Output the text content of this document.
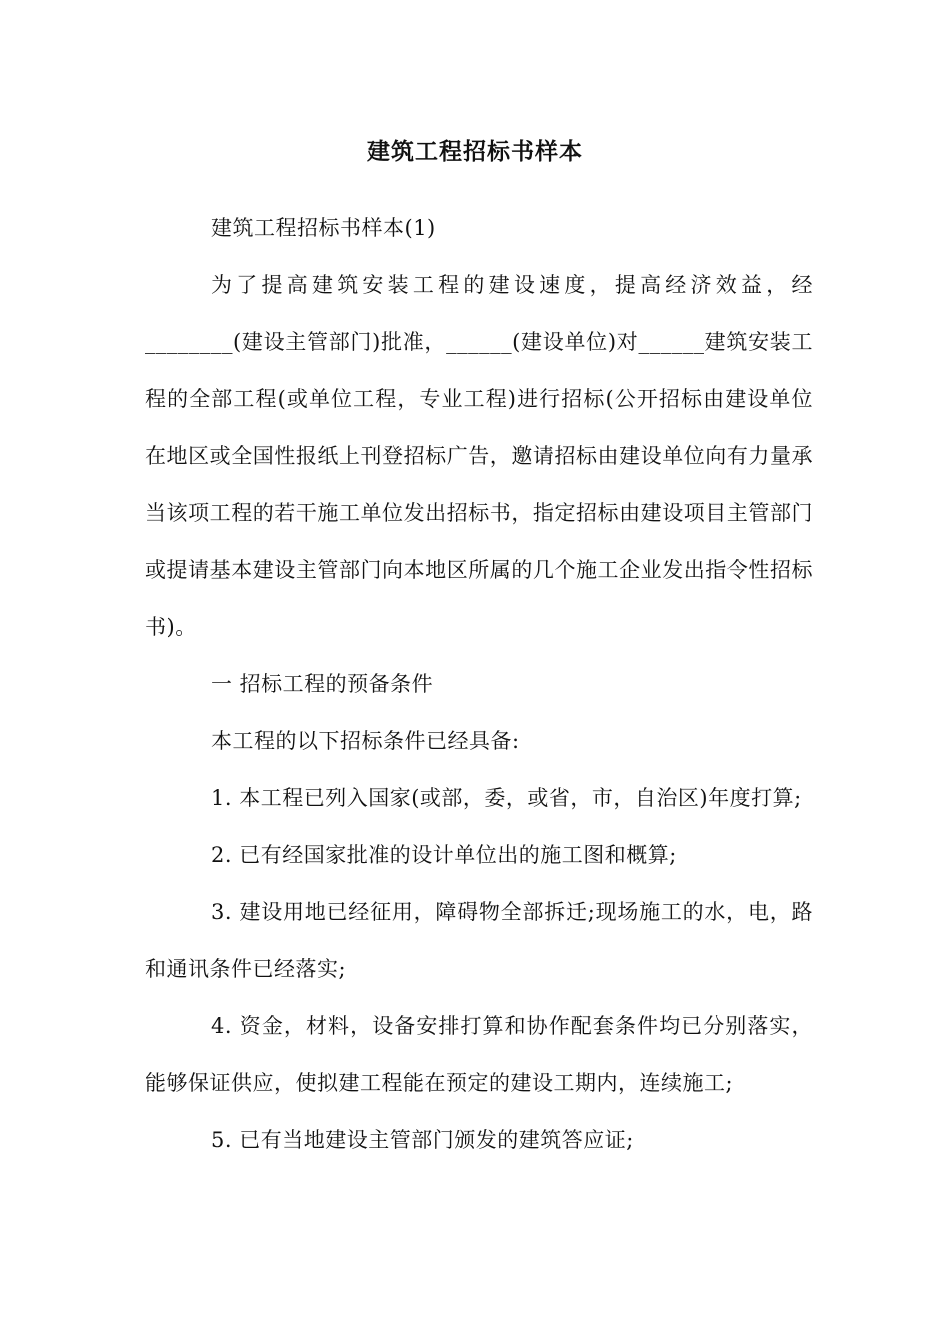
建筑工程招标书样本

建筑工程招标书样本(1)

为了提高建筑安装工程的建设速度，提高经济效益，经________(建设主管部门)批准，______(建设单位)对______建筑安装工程的全部工程(或单位工程，专业工程)进行招标(公开招标由建设单位在地区或全国性报纸上刊登招标广告，邀请招标由建设单位向有力量承当该项工程的若干施工单位发出招标书，指定招标由建设项目主管部门或提请基本建设主管部门向本地区所属的几个施工企业发出指令性招标书)。

一 招标工程的预备条件

本工程的以下招标条件已经具备:

1. 本工程已列入国家(或部，委，或省，市，自治区)年度打算;

2. 已有经国家批准的设计单位出的施工图和概算;

3. 建设用地已经征用，障碍物全部拆迁;现场施工的水，电，路和通讯条件已经落实;

4. 资金，材料，设备安排打算和协作配套条件均已分别落实，能够保证供应，使拟建工程能在预定的建设工期内，连续施工;

5. 已有当地建设主管部门颁发的建筑答应证;
